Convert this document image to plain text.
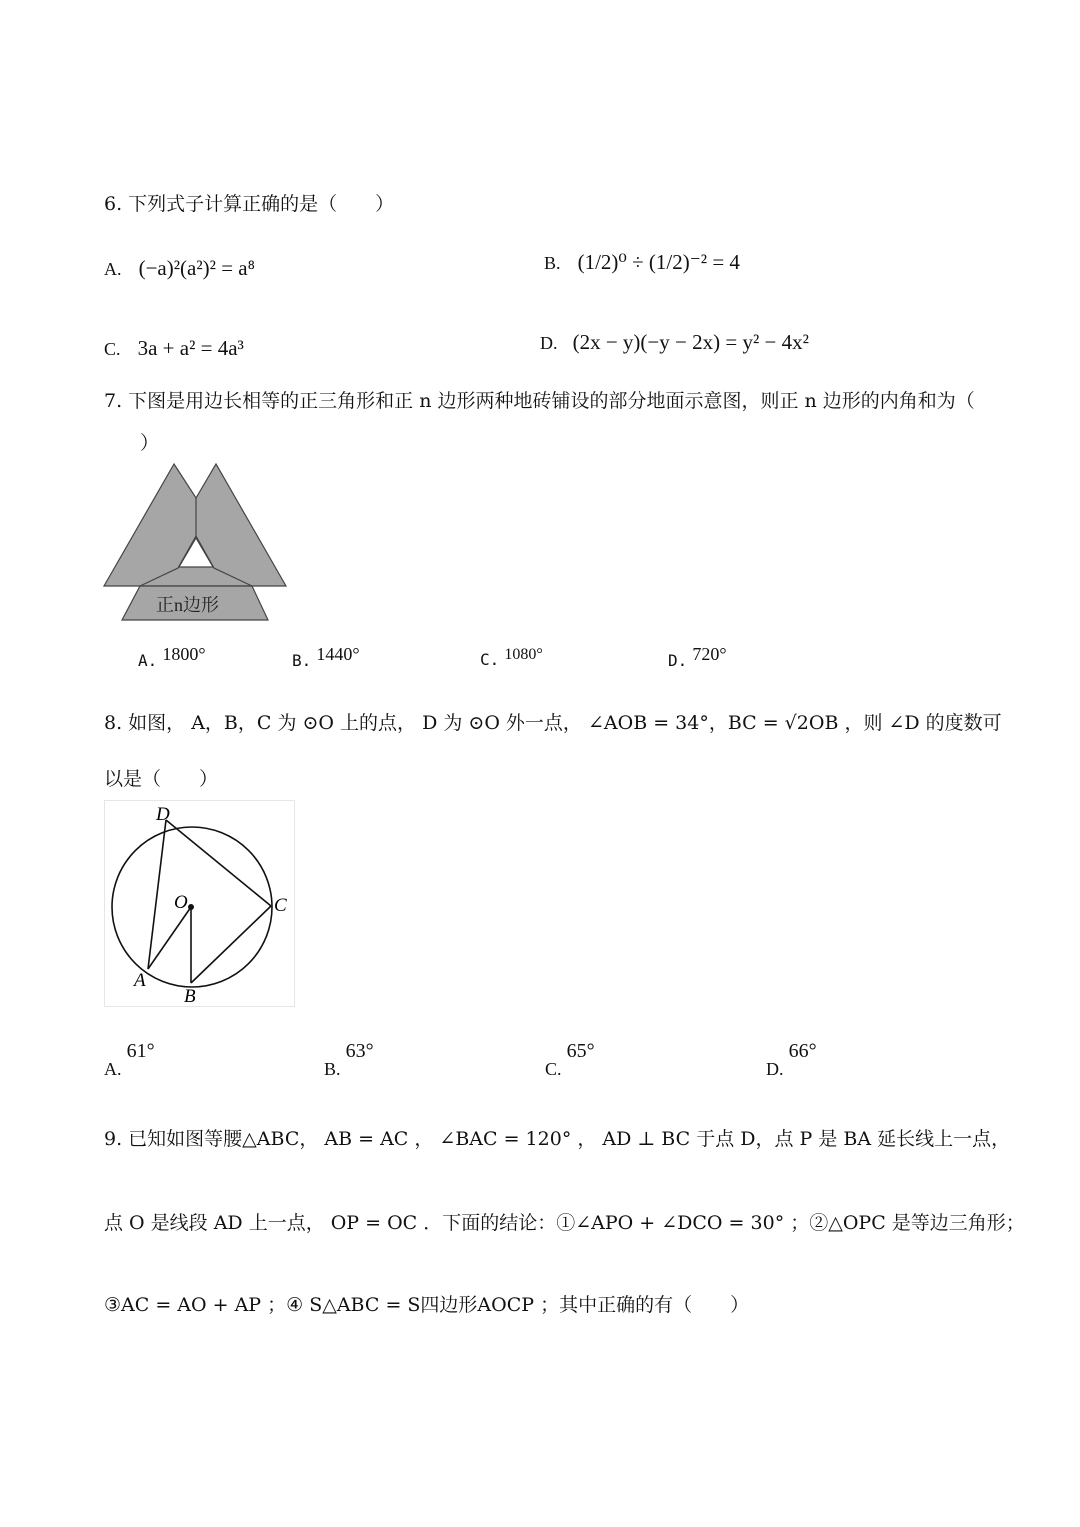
6. 下列式子计算正确的是（　　）
A. (−a)²(a²)² = a⁸	B. (1/2)⁰ ÷ (1/2)⁻² = 4
C. 3a + a² = 4a³	D. (2x − y)(−y − 2x) = y² − 4x²
7. 下图是用边长相等的正三角形和正 n 边形两种地砖铺设的部分地面示意图，则正 n 边形的内角和为（
）
正n边形
A. 1800°	B. 1440°	C. 1080°	D. 720°
8. 如图， A，B，C 为 ⊙O 上的点， D 为 ⊙O 外一点， ∠AOB = 34°，BC = √2OB ，则 ∠D 的度数可
以是（　　）
D
O	C
A
B
A. 61°
B. 63°
C. 65°
D. 66°
9. 已知如图等腰△ABC， AB = AC ， ∠BAC = 120° ， AD ⊥ BC 于点 D，点 P 是 BA 延长线上一点，
点 O 是线段 AD 上一点， OP = OC ．下面的结论：①∠APO + ∠DCO = 30° ；②△OPC 是等边三角形；
③AC = AO + AP ；④ S△ABC = S四边形AOCP ；其中正确的有（　　）
